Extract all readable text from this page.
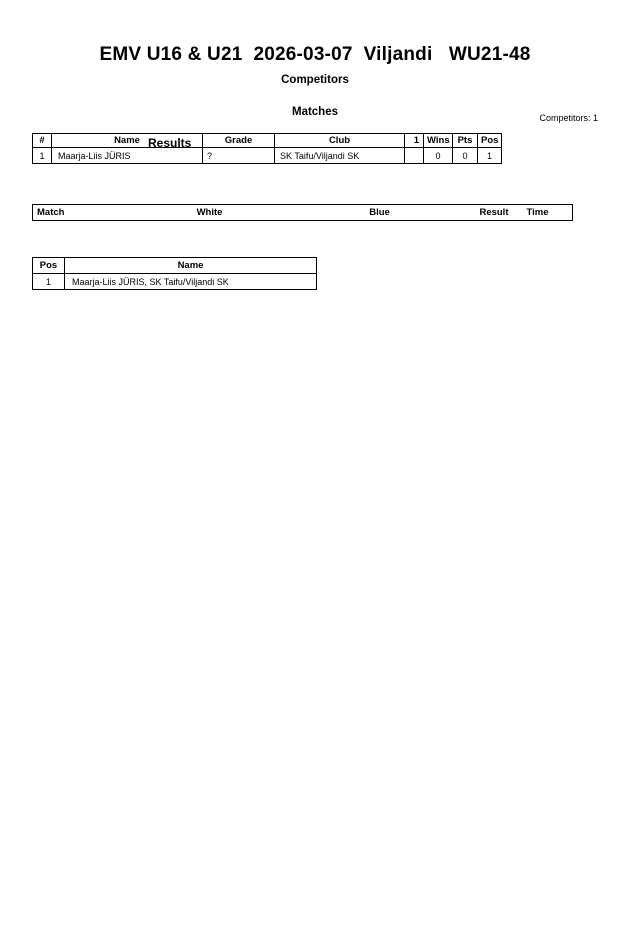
EMV U16 & U21  2026-03-07  Viljandi   WU21-48
Competitors
Competitors: 1
#	Name	Grade	Club	1	Wins	Pts	Pos
1	Maarja-Liis JÜRIS	?	SK Taifu/Viljandi SK		0	0	1
Matches
Match	White	Blue	Result	Time
Results
Pos	Name
1	Maarja-Liis JÜRIS, SK Taifu/Viljandi SK
